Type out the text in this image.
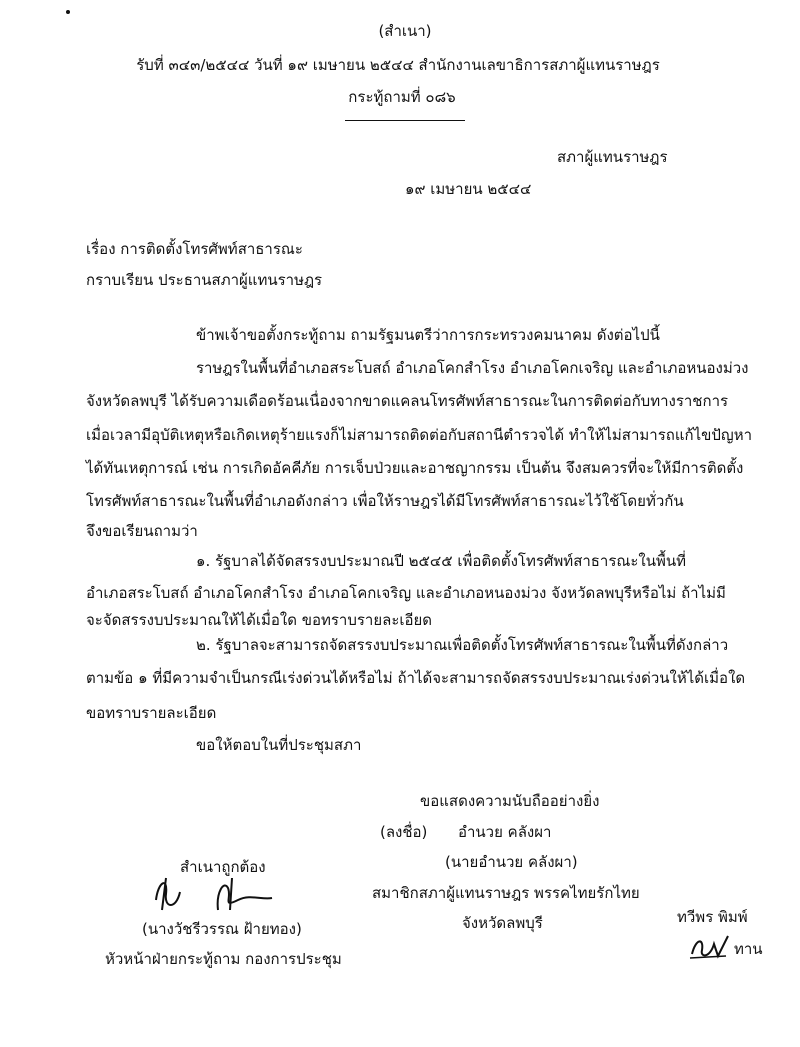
(สำเนา)
รับที่ ๓๔๓/๒๕๔๔ วันที่ ๑๙ เมษายน ๒๕๔๔ สำนักงานเลขาธิการสภาผู้แทนราษฎร
กระทู้ถามที่ ๐๘๖
สภาผู้แทนราษฎร
๑๙ เมษายน ๒๕๔๔
เรื่อง การติดตั้งโทรศัพท์สาธารณะ
กราบเรียน ประธานสภาผู้แทนราษฎร
ข้าพเจ้าขอตั้งกระทู้ถาม ถามรัฐมนตรีว่าการกระทรวงคมนาคม ดังต่อไปนี้
ราษฎรในพื้นที่อำเภอสระโบสถ์ อำเภอโคกสำโรง อำเภอโคกเจริญ และอำเภอหนองม่วง
จังหวัดลพบุรี ได้รับความเดือดร้อนเนื่องจากขาดแคลนโทรศัพท์สาธารณะในการติดต่อกับทางราชการ
เมื่อเวลามีอุบัติเหตุหรือเกิดเหตุร้ายแรงก็ไม่สามารถติดต่อกับสถานีตำรวจได้ ทำให้ไม่สามารถแก้ไขปัญหา
ได้ทันเหตุการณ์ เช่น การเกิดอัคคีภัย การเจ็บป่วยและอาชญากรรม เป็นต้น จึงสมควรที่จะให้มีการติดตั้ง
โทรศัพท์สาธารณะในพื้นที่อำเภอดังกล่าว เพื่อให้ราษฎรได้มีโทรศัพท์สาธารณะไว้ใช้โดยทั่วกัน
จึงขอเรียนถามว่า
๑. รัฐบาลได้จัดสรรงบประมาณปี ๒๕๔๕ เพื่อติดตั้งโทรศัพท์สาธารณะในพื้นที่
อำเภอสระโบสถ์ อำเภอโคกสำโรง อำเภอโคกเจริญ และอำเภอหนองม่วง จังหวัดลพบุรีหรือไม่ ถ้าไม่มี
จะจัดสรรงบประมาณให้ได้เมื่อใด ขอทราบรายละเอียด
๒. รัฐบาลจะสามารถจัดสรรงบประมาณเพื่อติดตั้งโทรศัพท์สาธารณะในพื้นที่ดังกล่าว
ตามข้อ ๑ ที่มีความจำเป็นกรณีเร่งด่วนได้หรือไม่ ถ้าได้จะสามารถจัดสรรงบประมาณเร่งด่วนให้ได้เมื่อใด
ขอทราบรายละเอียด
ขอให้ตอบในที่ประชุมสภา
ขอแสดงความนับถืออย่างยิ่ง
(ลงชื่อ) อำนวย คลังผา
(นายอำนวย คลังผา)
สมาชิกสภาผู้แทนราษฎร พรรคไทยรักไทย
จังหวัดลพบุรี
สำเนาถูกต้อง
(นางวัชรีวรรณ ฝ้ายทอง)
หัวหน้าฝ่ายกระทู้ถาม กองการประชุม
ทวีพร พิมพ์
ทาน
